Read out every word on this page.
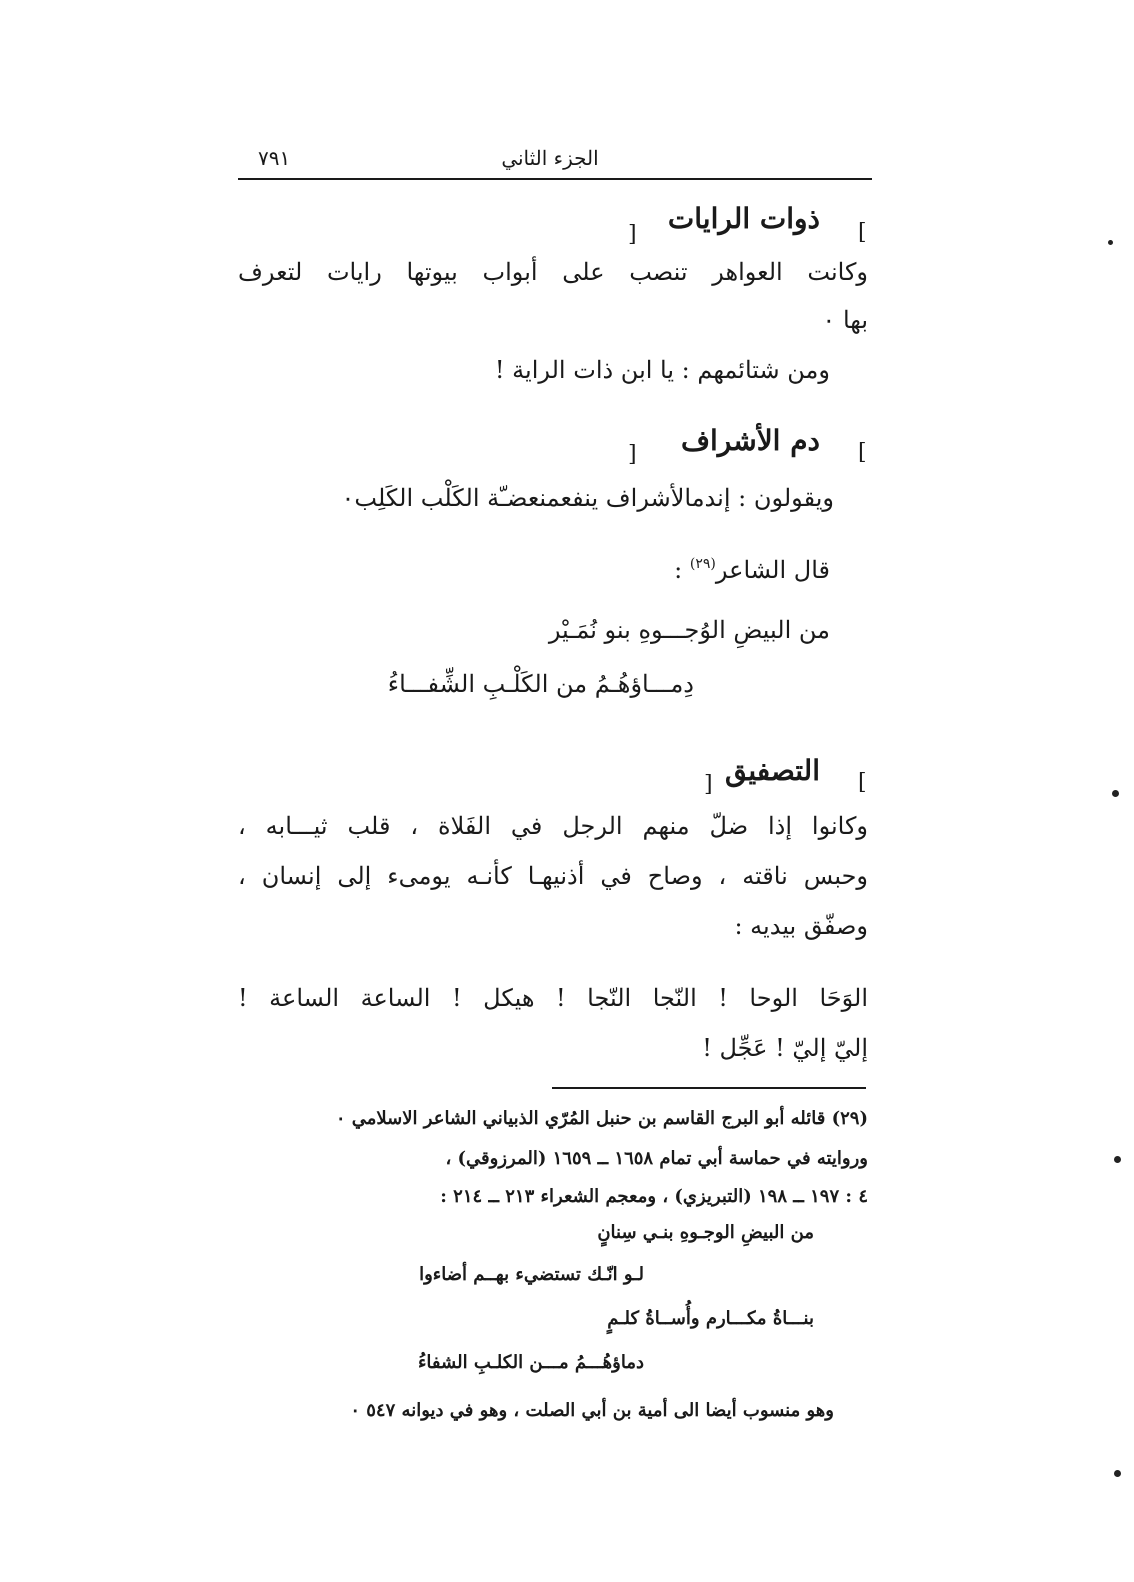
الجزء الثاني
٧٩١
[
ذوات الرايات
]
وكانت العواهر تنصب على أبواب بيوتها رايات لتعرف
بها ٠
ومن شتائمهم : يا ابن ذات الراية !
[
دم الأشراف
]
ويقولون : إندمالأشراف ينفعمنعضـّة الكَلْب الكَلِب٠
قال الشاعر$^{(٢٩)}$ :
من البيضِ الوُجـــوهِ بنو نُمَـيْر
دِمـــاؤهُـمُ من الكَلْـبِ الشِّفـــاءُ
[
التصفيق
]
وكانوا إذا ضلّ منهم الرجل في الفَلاة ، قلب ثيـــابه ،
وحبس ناقته ، وصاح في أذنيهـا كأنـه يومىء إلى إنسان ،
وصفّق بيديه :
الوَحَا الوحا ! النّجا النّجا ! هيكل ! الساعة الساعة !
إليّ إليّ ! عَجِّل !
(٢٩) قائله أبو البرج القاسم بن حنبل المُرّي الذبياني الشاعر الاسلامي ٠
وروايته في حماسة أبي تمام ١٦٥٨ ــ ١٦٥٩ (المرزوقي) ،
٤ : ١٩٧ ــ ١٩٨ (التبريزي) ، ومعجم الشعراء ٢١٣ ــ ٢١٤ :
من البيضِ الوجـوهِ بنـي سِنانٍ
لـو انّـك تستضيء بهــم أضاءوا
بنـــاةُ مكـــارم وأُســاةُ كلـمٍ
دماؤهُـــمُ مـــن الكلـبِ الشفاءُ
وهو منسوب أيضا الى أمية بن أبي الصلت ، وهو في ديوانه ٥٤٧ ٠
